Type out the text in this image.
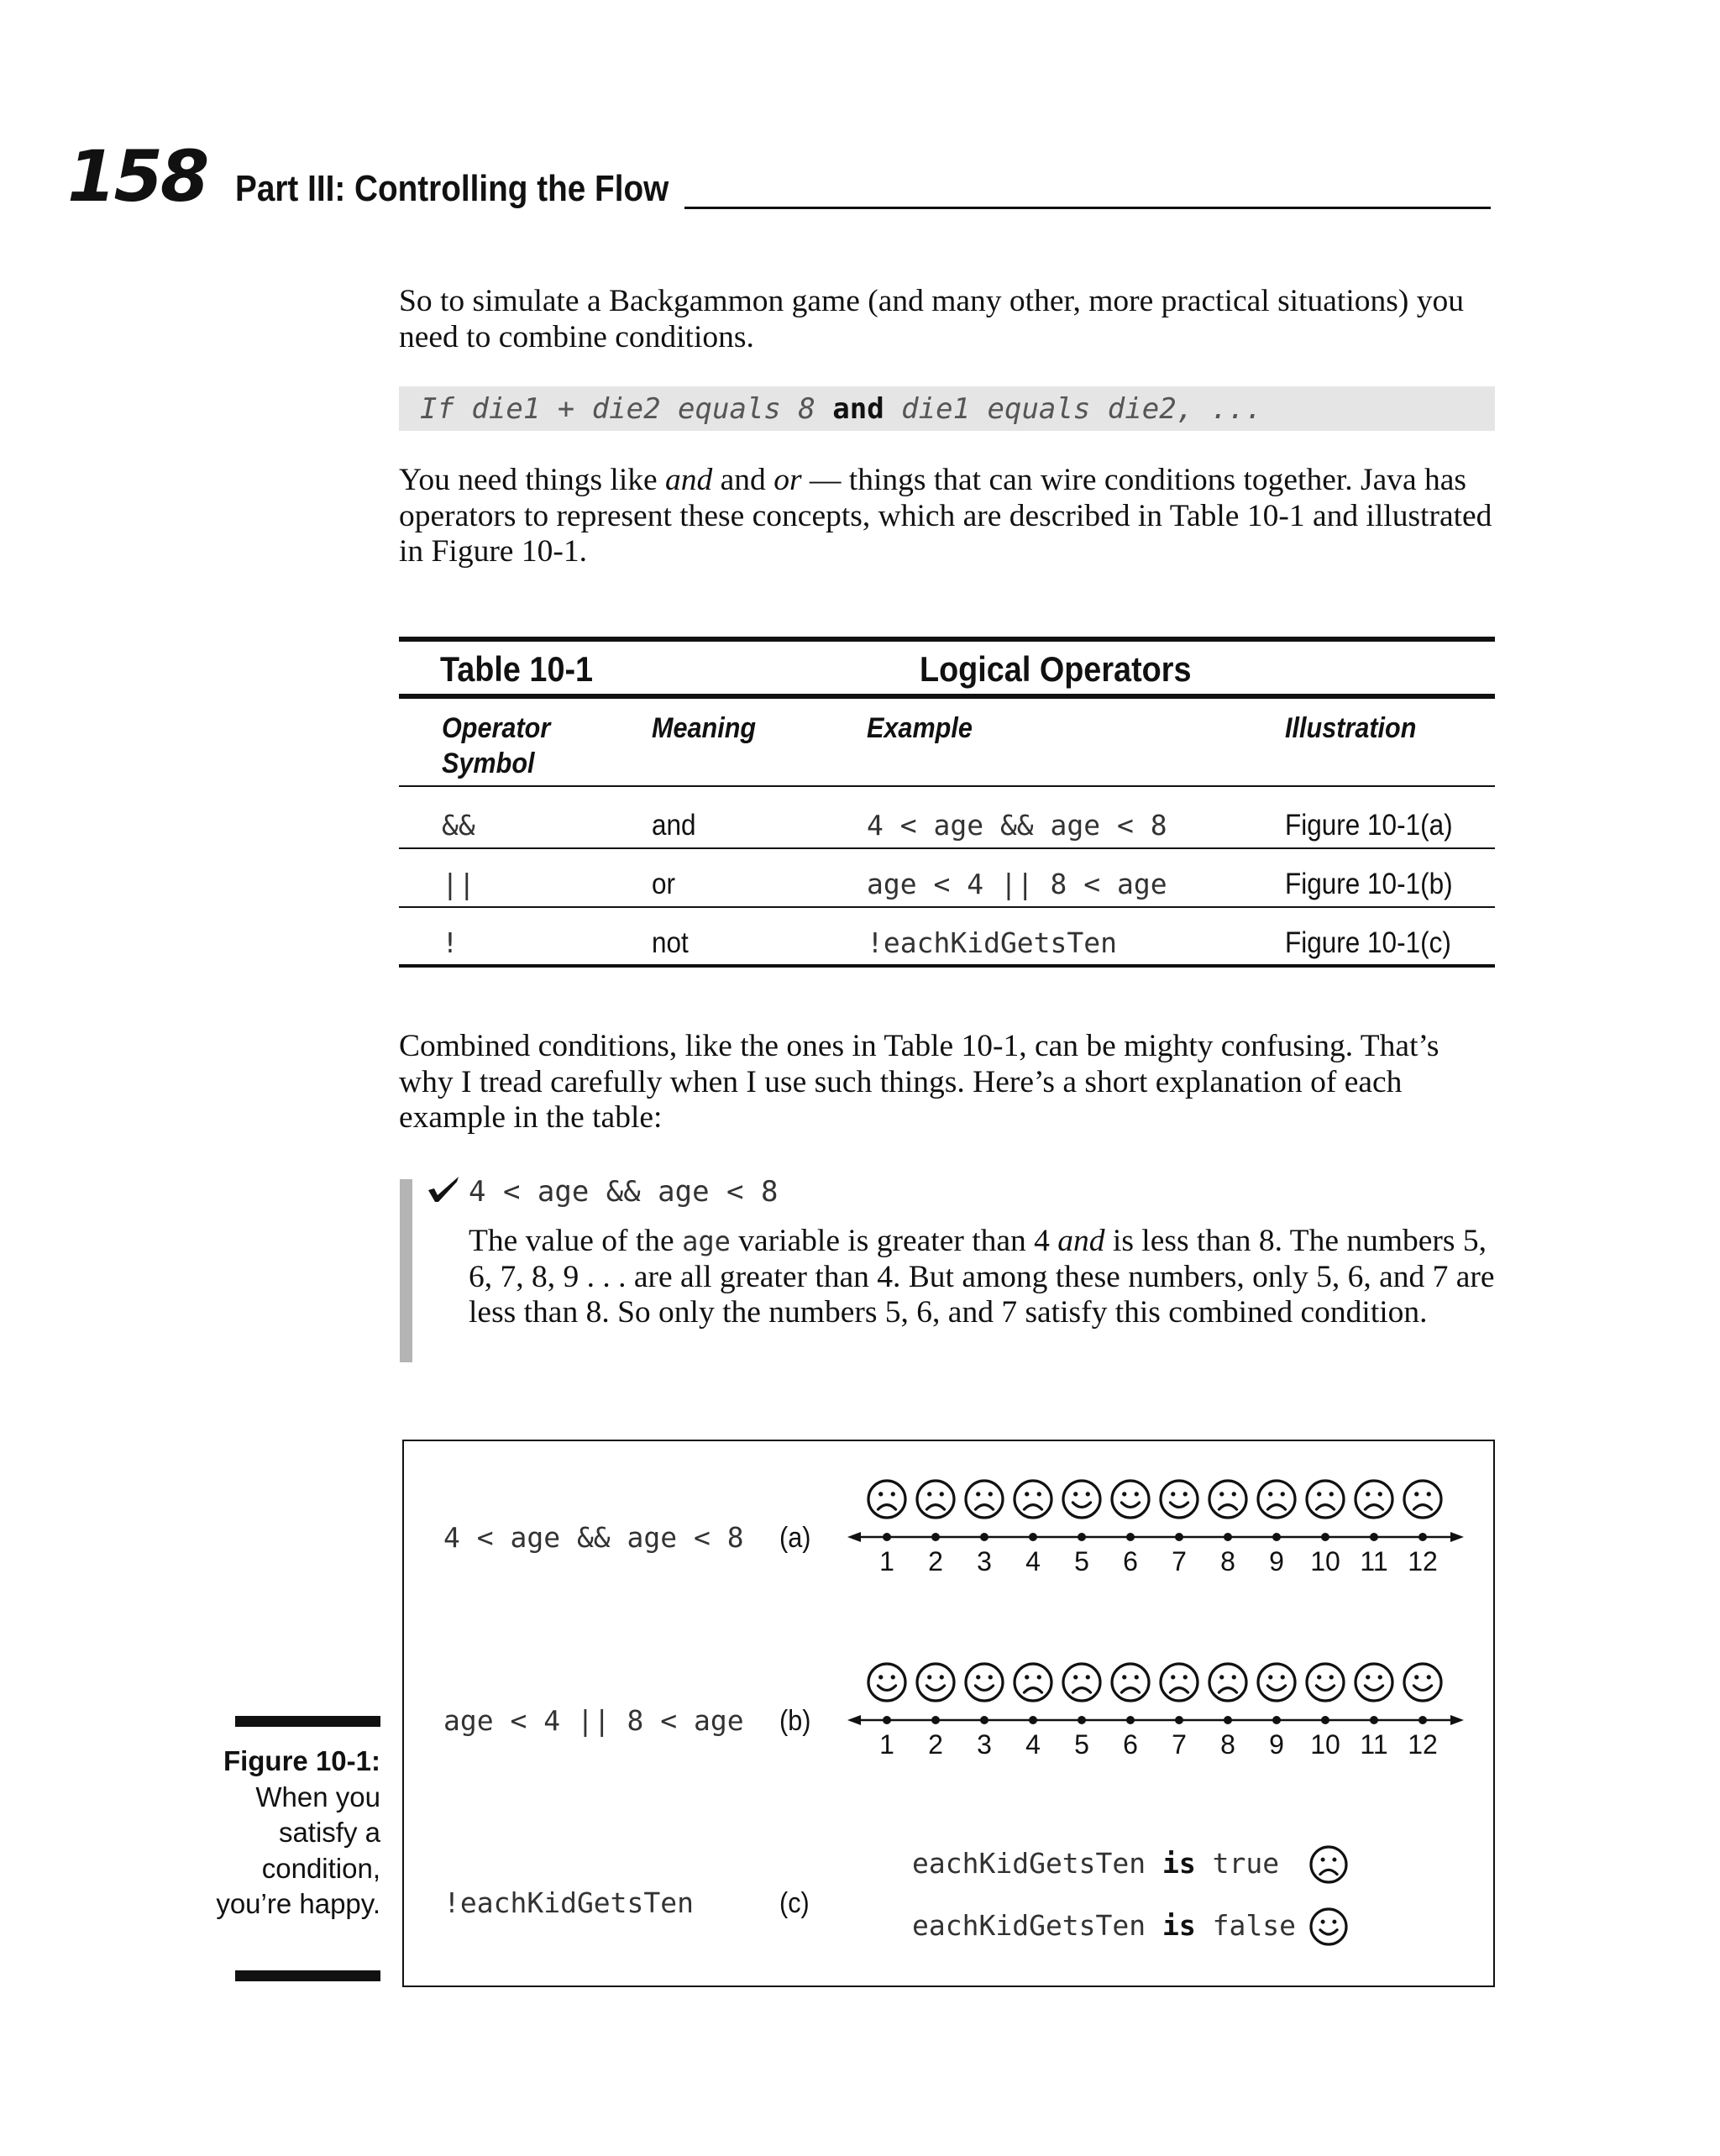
158 Part III: Controlling the Flow

So to simulate a Backgammon game (and many other, more practical situations) you need to combine conditions.

If die1 + die2 equals 8 and die1 equals die2, ...

You need things like and and or — things that can wire conditions together. Java has operators to represent these concepts, which are described in Table 10-1 and illustrated in Figure 10-1.

Table 10-1	Logical Operators
Operator Symbol
Meaning	Example	Illustration
&&	and	4 < age && age < 8	Figure 10-1(a)
||	or	age < 4 || 8 < age	Figure 10-1(b)
!	not	!eachKidGetsTen	Figure 10-1(c)

Combined conditions, like the ones in Table 10-1, can be mighty confusing. That’s why I tread carefully when I use such things. Here’s a short explanation of each example in the table:

4 < age && age < 8

The value of the age variable is greater than 4 and is less than 8. The numbers 5, 6, 7, 8, 9 . . . are all greater than 4. But among these numbers, only 5, 6, and 7 are less than 8. So only the numbers 5, 6, and 7 satisfy this combined condition.

1 2 3 4 5 6 7 8 9 10 11 12
1 2 3 4 5 6 7 8 9 10 11 12
4 < age && age < 8 (a)
age < 4 || 8 < age (b)
!eachKidGetsTen	(c)
eachKidGetsTen is true
eachKidGetsTen is false
Figure 10-1:
When you satisfy a condition, you’re happy.
